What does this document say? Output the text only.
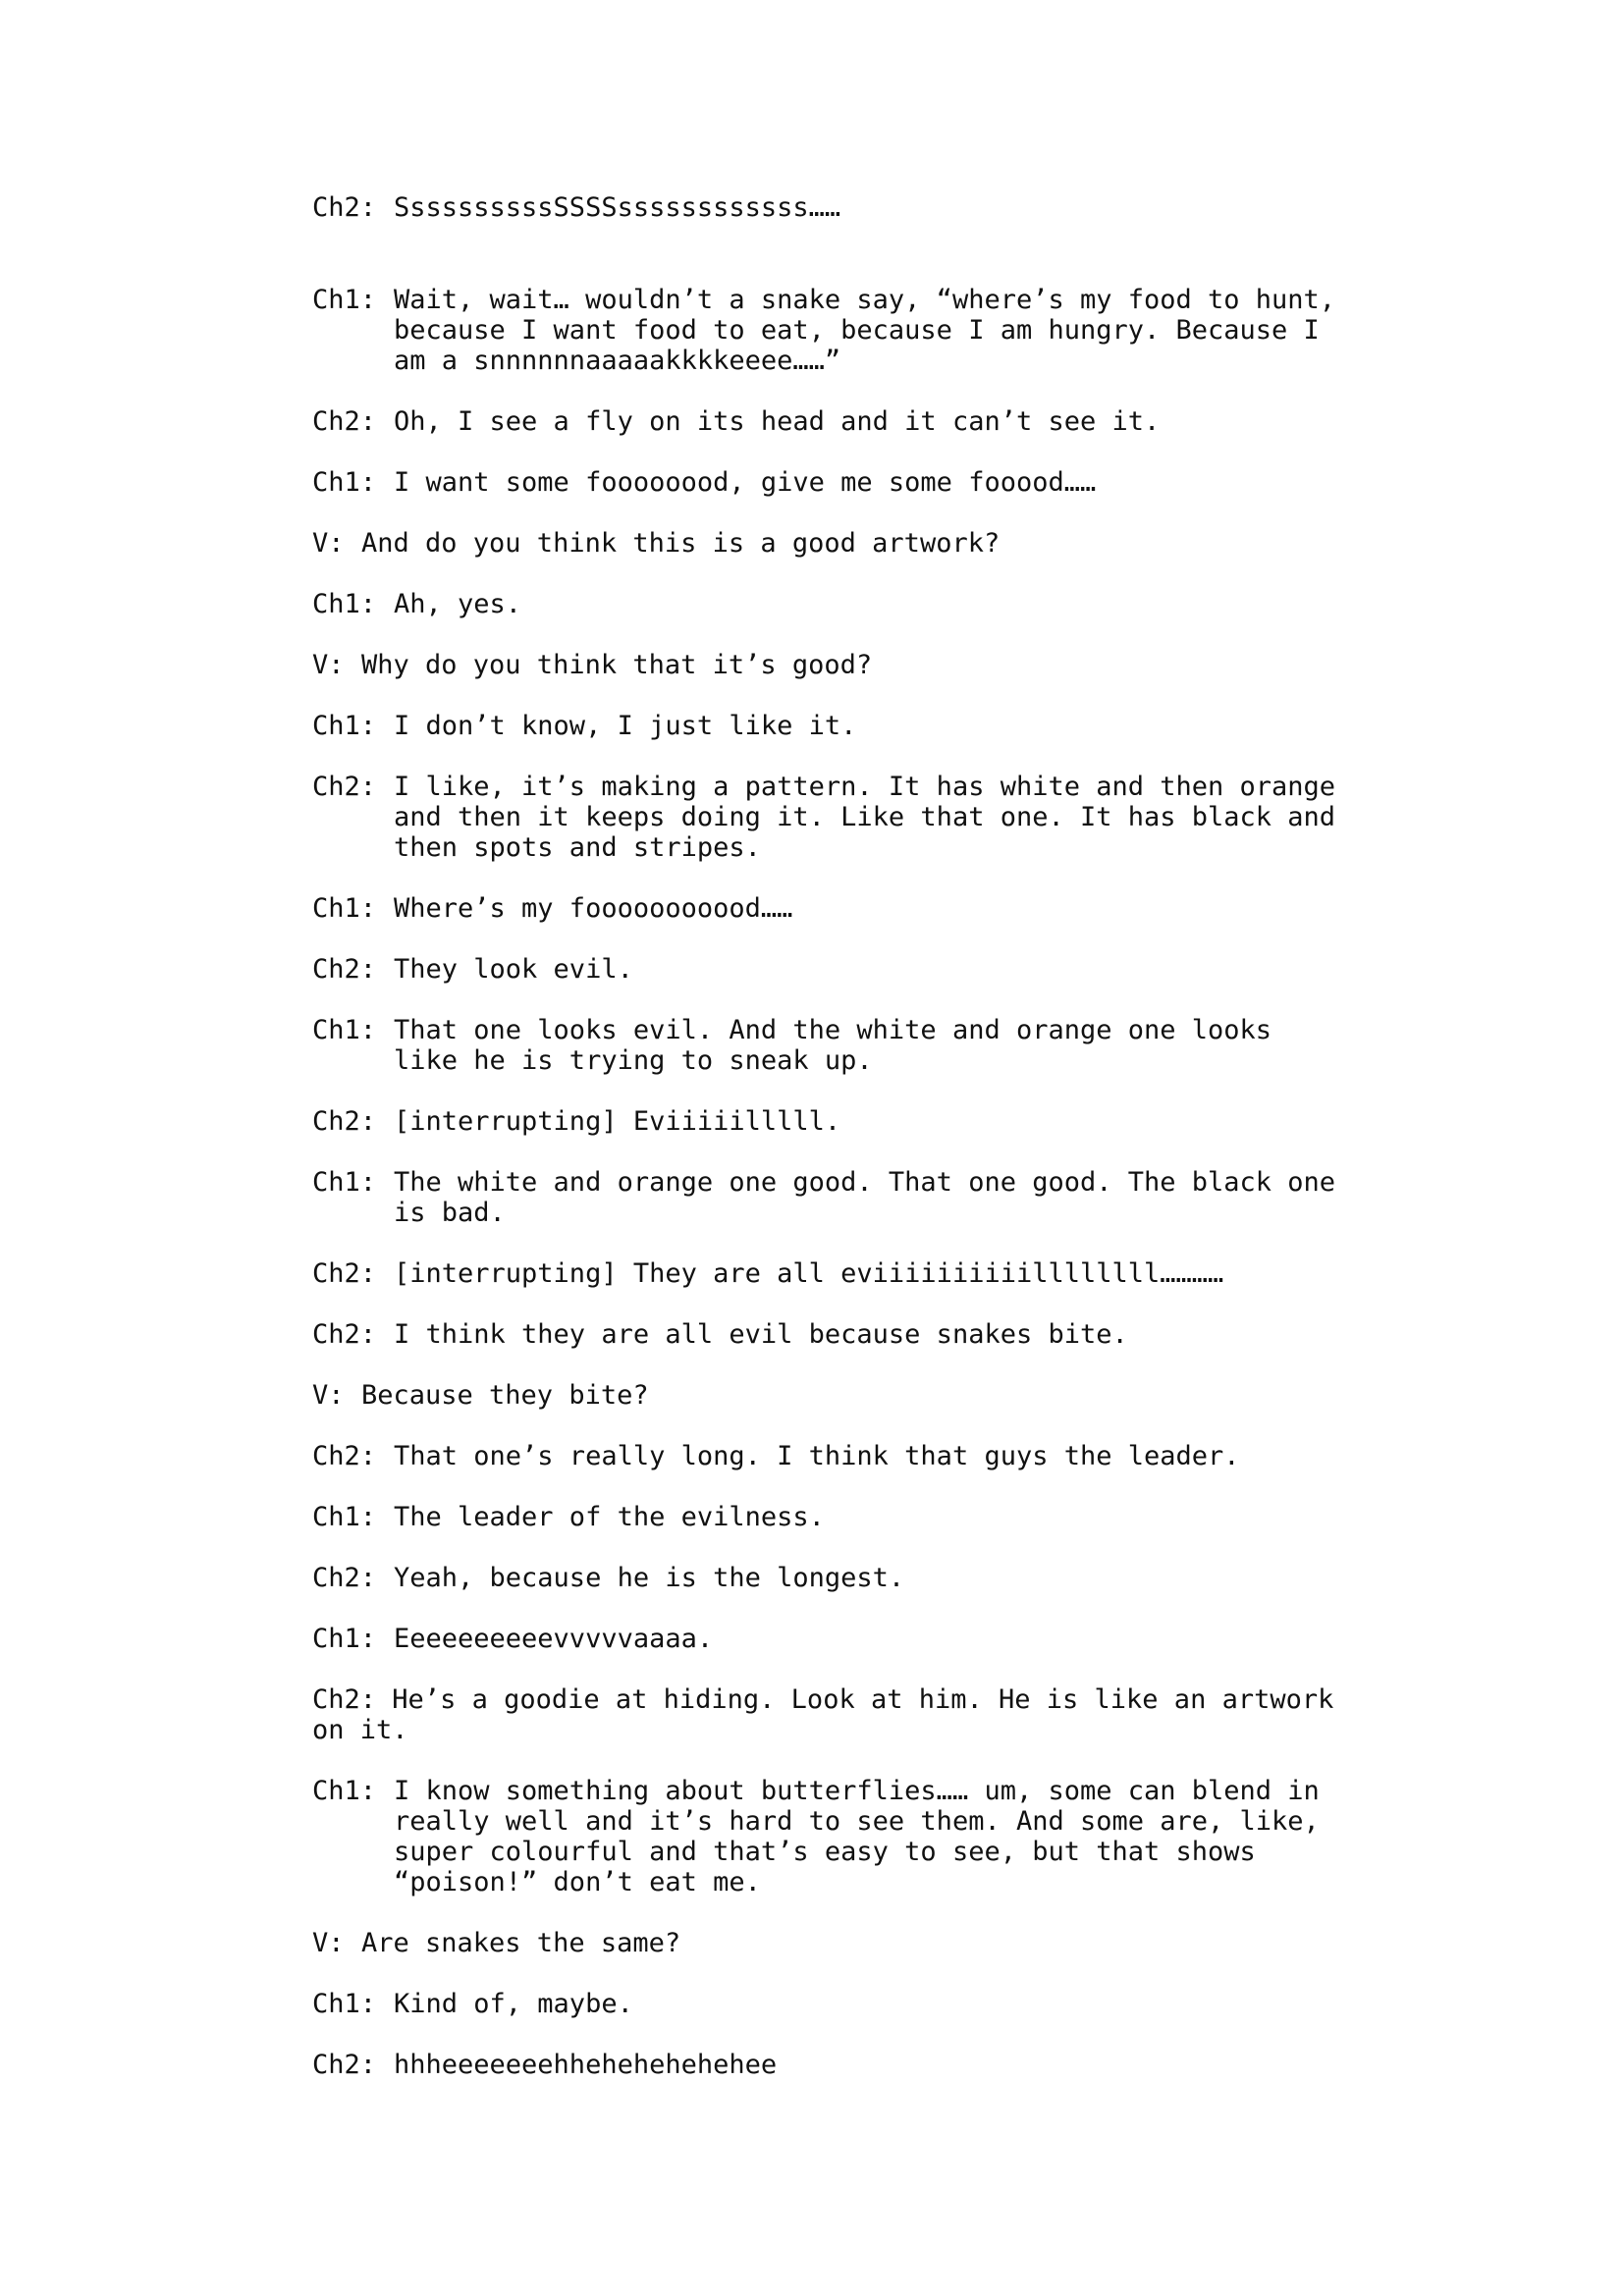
Ch2: SsssssssssSSSSssssssssssss……
Ch1: Wait, wait… wouldn’t a snake say, “where’s my food to hunt,
because I want food to eat, because I am hungry. Because I
am a snnnnnnaaaaakkkkeeee……”
Ch2: Oh, I see a fly on its head and it can’t see it.
Ch1: I want some foooooood, give me some fooood……
V: And do you think this is a good artwork?
Ch1: Ah, yes.
V: Why do you think that it’s good?
Ch1: I don’t know, I just like it.
Ch2: I like, it’s making a pattern. It has white and then orange
and then it keeps doing it. Like that one. It has black and
then spots and stripes.
Ch1: Where’s my fooooooooood……
Ch2: They look evil.
Ch1: That one looks evil. And the white and orange one looks
like he is trying to sneak up.
Ch2: [interrupting] Eviiiiilllll.
Ch1: The white and orange one good. That one good. The black one
is bad.
Ch2: [interrupting] They are all eviiiiiiiiiillllllll…………
Ch2: I think they are all evil because snakes bite.
V: Because they bite?
Ch2: That one’s really long. I think that guys the leader.
Ch1: The leader of the evilness.
Ch2: Yeah, because he is the longest.
Ch1: Eeeeeeeeeevvvvvaaaa.
Ch2: He’s a goodie at hiding. Look at him. He is like an artwork
on it.
Ch1: I know something about butterflies…… um, some can blend in
really well and it’s hard to see them. And some are, like,
super colourful and that’s easy to see, but that shows
“poison!” don’t eat me.
V: Are snakes the same?
Ch1: Kind of, maybe.
Ch2: hhheeeeeeehhehehehehehee
